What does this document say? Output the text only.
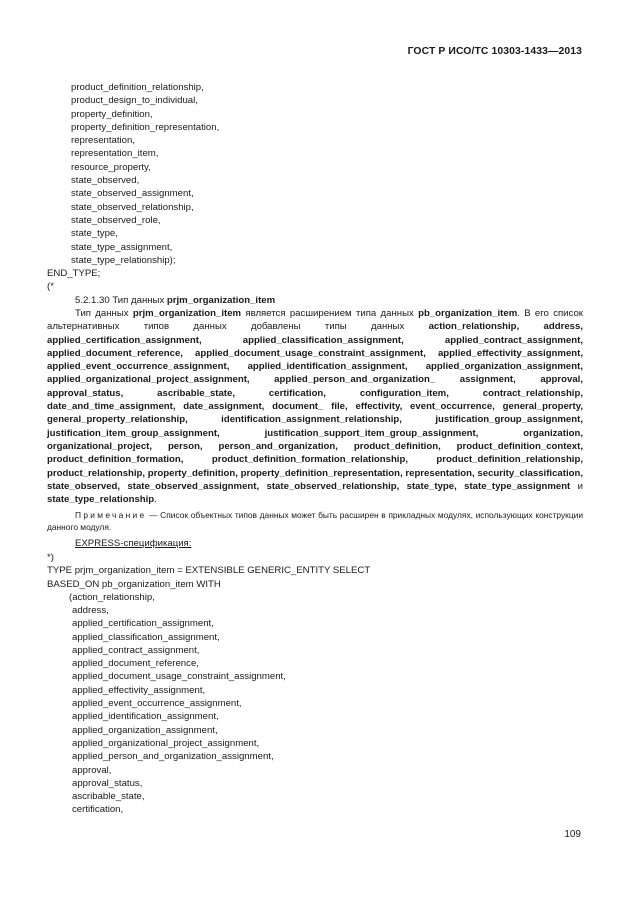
ГОСТ Р ИСО/ТС 10303-1433—2013
product_definition_relationship,
product_design_to_individual,
property_definition,
property_definition_representation,
representation,
representation_item,
resource_property,
state_observed,
state_observed_assignment,
state_observed_relationship,
state_observed_role,
state_type,
state_type_assignment,
state_type_relationship);
END_TYPE;
(*
5.2.1.30 Тип данных prjm_organization_item
Тип данных prjm_organization_item является расширением типа данных pb_organization_item. В его список альтернативных типов данных добавлены типы данных	action_relationship, address, applied_certification_assignment, applied_classification_assignment, applied_contract_assignment, applied_document_reference, applied_document_usage_constraint_assignment, applied_effectivity_assignment, applied_event_occurrence_assignment, applied_identification_assignment, applied_organization_assignment, applied_organizational_project_assignment, applied_person_and_organization_ assignment, approval, approval_status, ascribable_state, certification, configuration_item, contract_relationship, date_and_time_assignment, date_assignment, document_ file, effectivity, event_occurrence, general_property, general_property_relationship, identification_assignment_relationship, justification_group_assignment, justification_item_group_assignment, justification_support_item_group_assignment, organization, organizational_project, person, person_and_organization, product_definition, product_definition_context, product_definition_formation, product_definition_formation_relationship, product_definition_relationship, product_relationship, property_definition, property_definition_representation, representation, security_classification, state_observed, state_observed_assignment, state_observed_relationship, state_type, state_type_assignment и state_type_relationship.
Примечание — Список объектных типов данных может быть расширен в прикладных модулях, использующих конструкции данного модуля.
EXPRESS-спецификация:
*)
TYPE prjm_organization_item = EXTENSIBLE GENERIC_ENTITY SELECT
BASED_ON pb_organization_item WITH
(action_relationship,
address,
applied_certification_assignment,
applied_classification_assignment,
applied_contract_assignment,
applied_document_reference,
applied_document_usage_constraint_assignment,
applied_effectivity_assignment,
applied_event_occurrence_assignment,
applied_identification_assignment,
applied_organization_assignment,
applied_organizational_project_assignment,
applied_person_and_organization_assignment,
approval,
approval_status,
ascribable_state,
certification,
109
